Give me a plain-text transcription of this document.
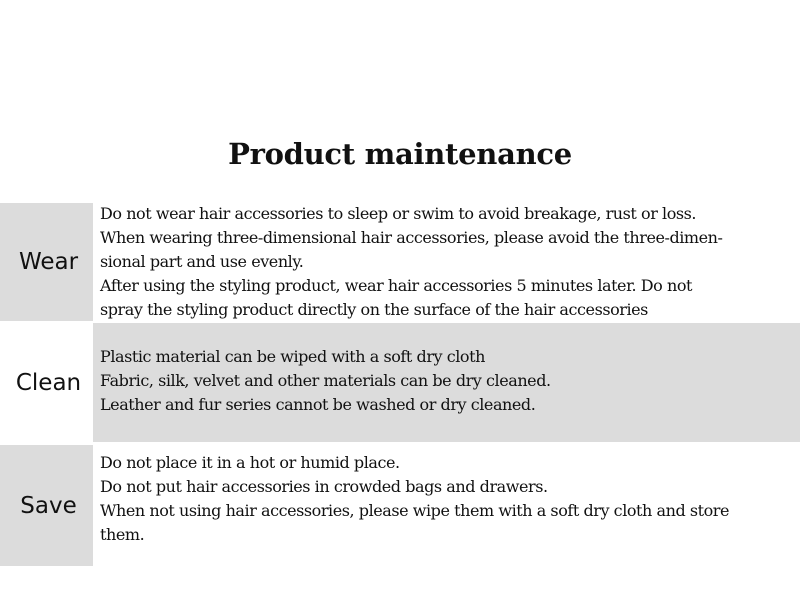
Product maintenance
Wear
Do not wear hair accessories to sleep or swim to avoid breakage, rust or loss.
When wearing three-dimensional hair accessories, please avoid the three-dimen-
sional part and use evenly.
After using the styling product, wear hair accessories 5 minutes later. Do not
spray the styling product directly on the surface of the hair accessories
Clean
Plastic material can be wiped with a soft dry cloth
Fabric, silk, velvet and other materials can be dry cleaned.
Leather and fur series cannot be washed or dry cleaned.
Save
Do not place it in a hot or humid place.
Do not put hair accessories in crowded bags and drawers.
When not using hair accessories, please wipe them with a soft dry cloth and store
them.
